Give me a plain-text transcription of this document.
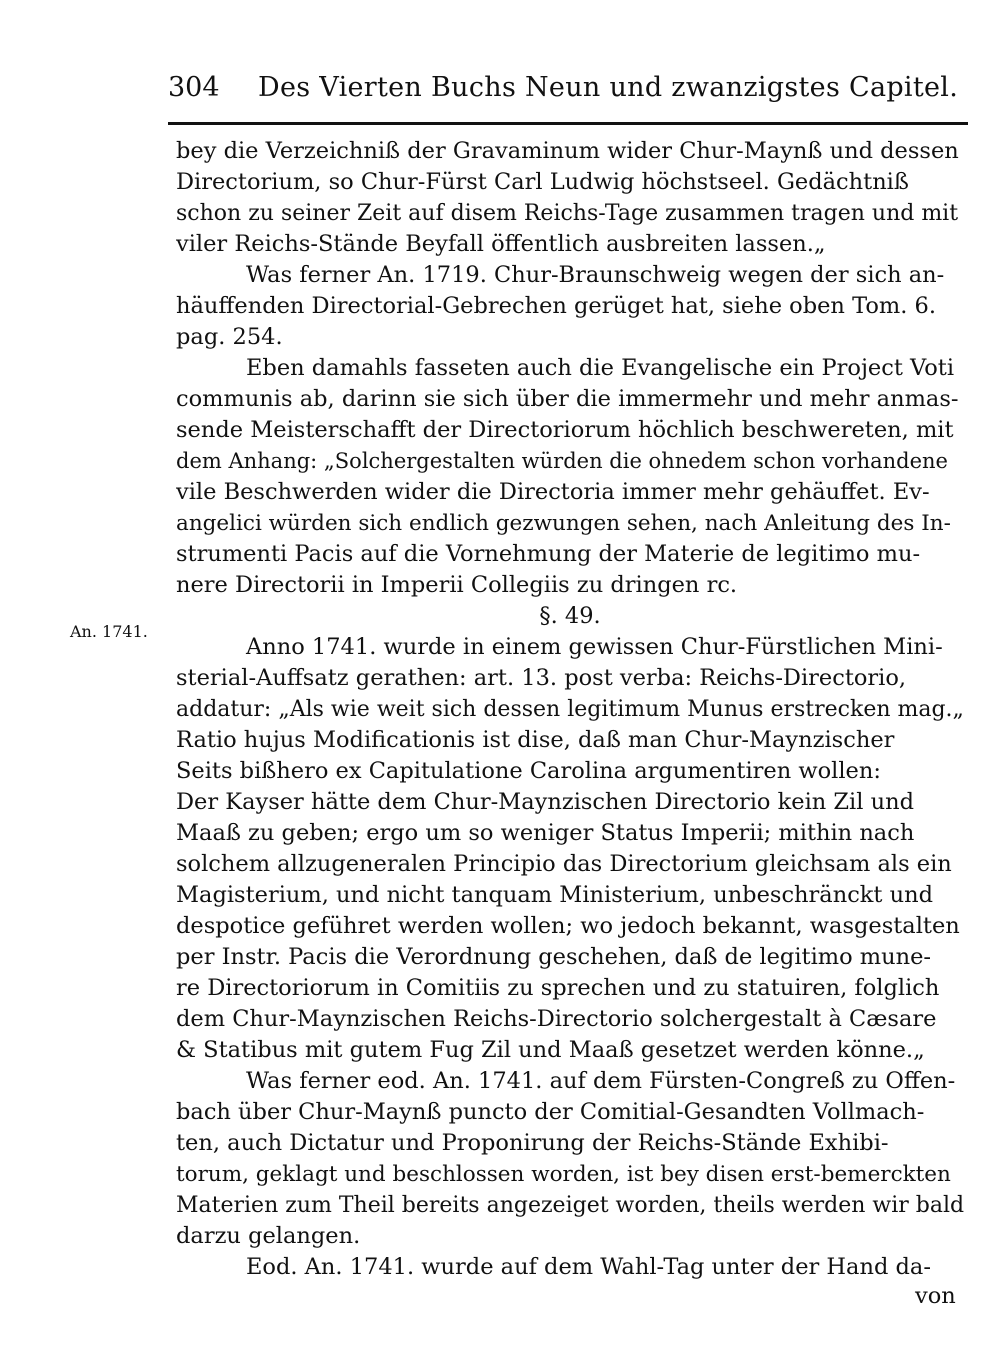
304	Des Vierten Buchs Neun und zwanzigstes Capitel.
An. 1741.
bey die Verzeichniß der Gravaminum wider Chur-Maynß und dessen
Directorium, so Chur-Fürst Carl Ludwig höchstseel. Gedächtniß
schon zu seiner Zeit auf disem Reichs-Tage zusammen tragen und mit
viler Reichs-Stände Beyfall öffentlich ausbreiten lassen.„
Was ferner An. 1719. Chur-Braunschweig wegen der sich an-
häuffenden Directorial-Gebrechen gerüget hat, siehe oben Tom. 6.
pag. 254.
Eben damahls fasseten auch die Evangelische ein Project Voti
communis ab, darinn sie sich über die immermehr und mehr anmas-
sende Meisterschafft der Directoriorum höchlich beschwereten, mit
dem Anhang: „Solchergestalten würden die ohnedem schon vorhandene
vile Beschwerden wider die Directoria immer mehr gehäuffet. Ev-
angelici würden sich endlich gezwungen sehen, nach Anleitung des In-
strumenti Pacis auf die Vornehmung der Materie de legitimo mu-
nere Directorii in Imperii Collegiis zu dringen rc.
§. 49.
Anno 1741. wurde in einem gewissen Chur-Fürstlichen Mini-
sterial-Auffsatz gerathen: art. 13. post verba: Reichs-Directorio,
addatur: „Als wie weit sich dessen legitimum Munus erstrecken mag.„
Ratio hujus Modificationis ist dise, daß man Chur-Maynzischer
Seits bißhero ex Capitulatione Carolina argumentiren wollen:
Der Kayser hätte dem Chur-Maynzischen Directorio kein Zil und
Maaß zu geben; ergo um so weniger Status Imperii; mithin nach
solchem allzugeneralen Principio das Directorium gleichsam als ein
Magisterium, und nicht tanquam Ministerium, unbeschränckt und
despotice geführet werden wollen; wo jedoch bekannt, wasgestalten
per Instr. Pacis die Verordnung geschehen, daß de legitimo mune-
re Directoriorum in Comitiis zu sprechen und zu statuiren, folglich
dem Chur-Maynzischen Reichs-Directorio solchergestalt à Cæsare
& Statibus mit gutem Fug Zil und Maaß gesetzet werden könne.„
Was ferner eod. An. 1741. auf dem Fürsten-Congreß zu Offen-
bach über Chur-Maynß puncto der Comitial-Gesandten Vollmach-
ten, auch Dictatur und Proponirung der Reichs-Stände Exhibi-
torum, geklagt und beschlossen worden, ist bey disen erst-bemerckten
Materien zum Theil bereits angezeiget worden, theils werden wir bald
darzu gelangen.
Eod. An. 1741. wurde auf dem Wahl-Tag unter der Hand da-
von
